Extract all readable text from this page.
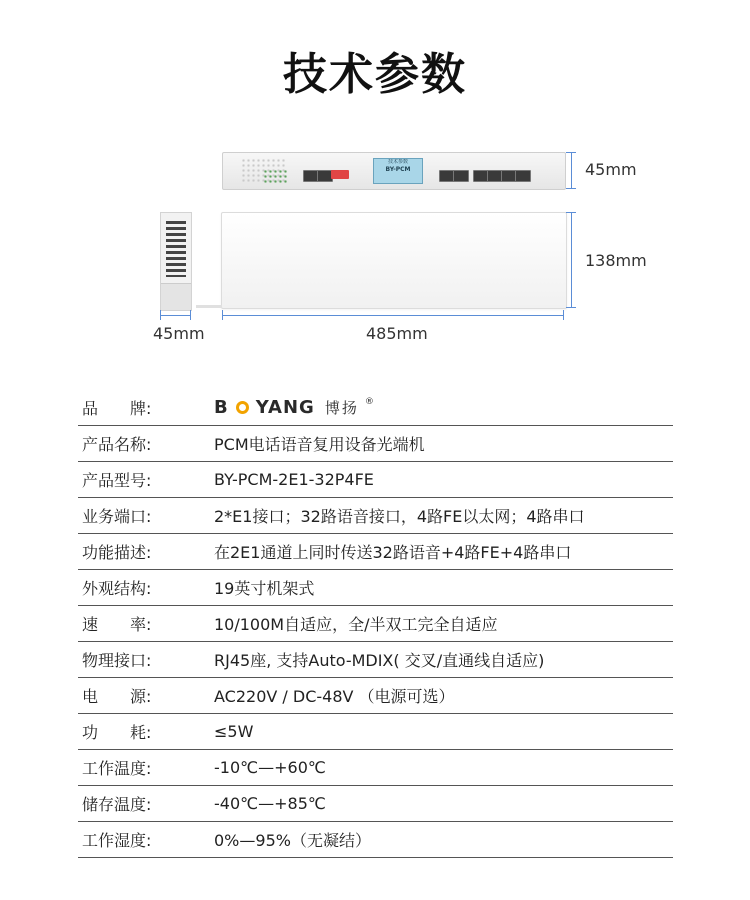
技术参数
技术参数
BY-PCM	45mm
138mm
45mm	485mm
品　　牌:	B YANG 博扬 ®
产品名称:	PCM电话语音复用设备光端机
产品型号:	BY-PCM-2E1-32P4FE
业务端口:	2*E1接口；32路语音接口，4路FE以太网；4路串口
功能描述:	在2E1通道上同时传送32路语音+4路FE+4路串口
外观结构:	19英寸机架式
速　　率:	10/100M自适应，全/半双工完全自适应
物理接口:	RJ45座, 支持Auto-MDIX( 交叉/直通线自适应)
电　　源:	AC220V / DC-48V （电源可选）
功　　耗:	≤5W
工作温度:	-10℃—+60℃
储存温度:	-40℃—+85℃
工作湿度:	0%—95%（无凝结）
